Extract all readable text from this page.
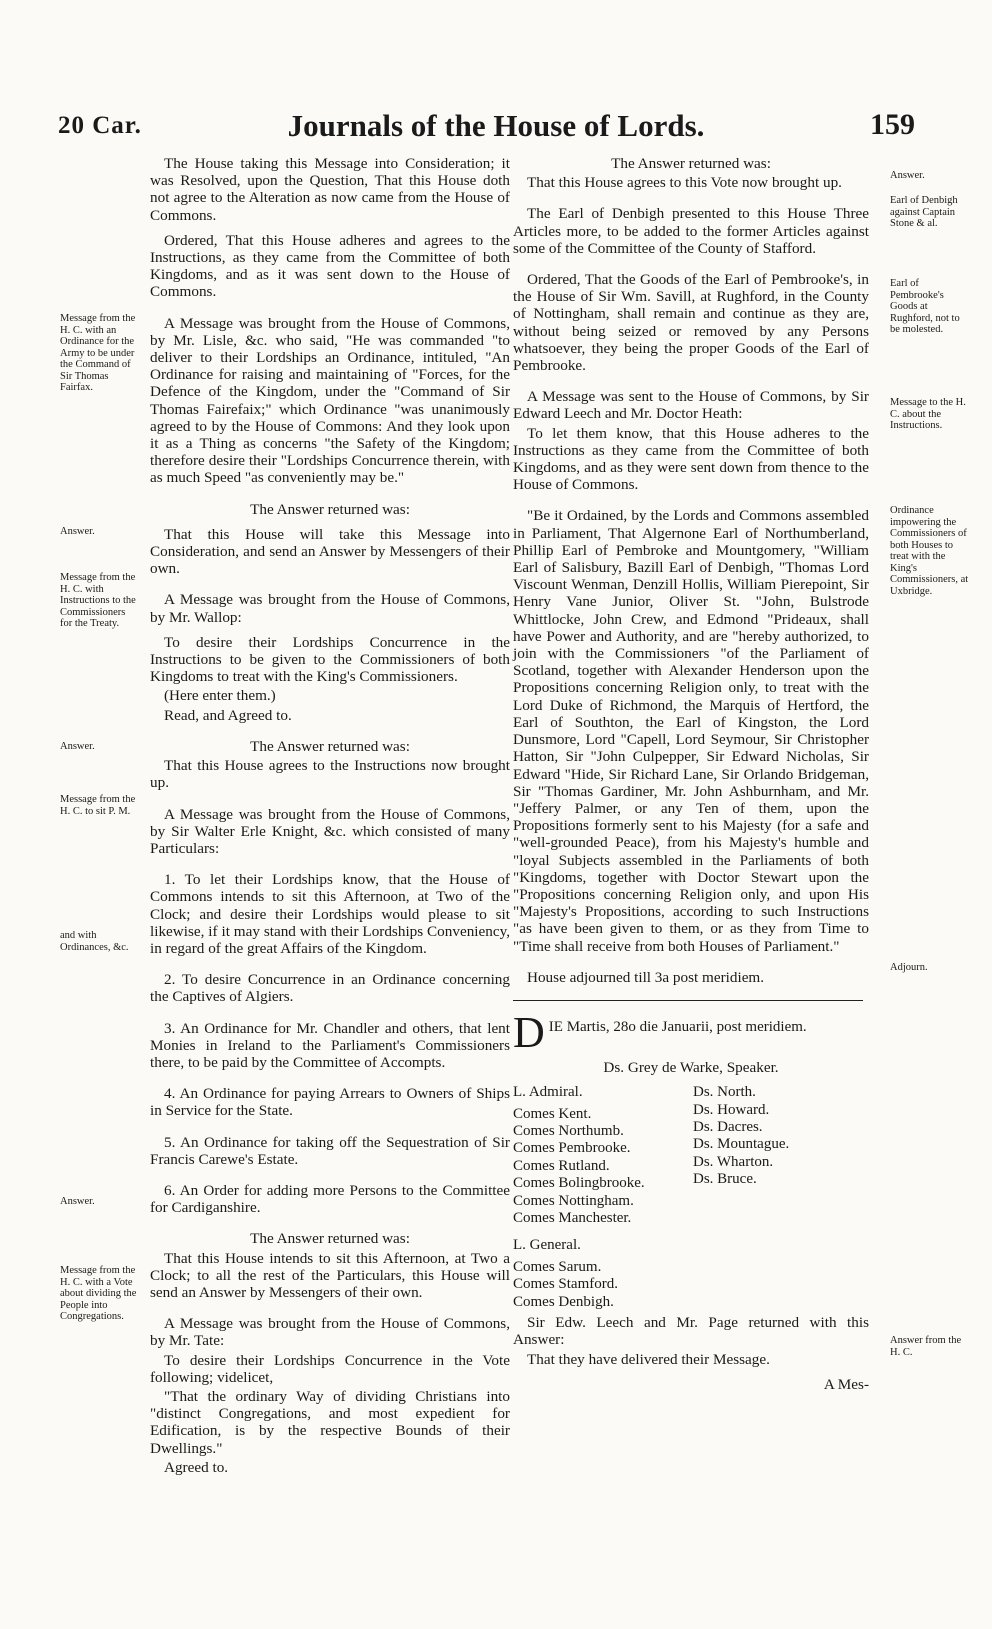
20 Car.	Journals of the House of Lords.	159
Message from the H. C. with an Ordinance for the Army to be under the Command of Sir Thomas Fairfax.
Answer.
Message from the H. C. with Instructions to the Commissioners for the Treaty.
Answer.
Message from the H. C. to sit P. M.
and with Ordinances, &c.
Answer.
Message from the H. C. with a Vote about dividing the People into Congregations.
Answer.
Earl of Denbigh against Captain Stone & al.
Earl of Pembrooke's Goods at Rughford, not to be molested.
Message to the H. C. about the Instructions.
Ordinance impowering the Commissioners of both Houses to treat with the King's Commissioners, at Uxbridge.
Adjourn.
Answer from the H. C.

The House taking this Message into Consideration; it was Resolved, upon the Question, That this House doth not agree to the Alteration as now came from the House of Commons.

Ordered, That this House adheres and agrees to the Instructions, as they came from the Committee of both Kingdoms, and as it was sent down to the House of Commons.

A Message was brought from the House of Commons, by Mr. Lisle, &c. who said, "He was commanded "to deliver to their Lordships an Ordinance, intituled, "An Ordinance for raising and maintaining of "Forces, for the Defence of the Kingdom, under the "Command of Sir Thomas Fairefaix;" which Ordinance "was unanimously agreed to by the House of Commons: And they look upon it as a Thing as concerns "the Safety of the Kingdom; therefore desire their "Lordships Concurrence therein, with as much Speed "as conveniently may be."

The Answer returned was:

That this House will take this Message into Consideration, and send an Answer by Messengers of their own.

A Message was brought from the House of Commons, by Mr. Wallop:

To desire their Lordships Concurrence in the Instructions to be given to the Commissioners of both Kingdoms to treat with the King's Commissioners.

(Here enter them.)

Read, and Agreed to.

The Answer returned was:

That this House agrees to the Instructions now brought up.

A Message was brought from the House of Commons, by Sir Walter Erle Knight, &c. which consisted of many Particulars:

1. To let their Lordships know, that the House of Commons intends to sit this Afternoon, at Two of the Clock; and desire their Lordships would please to sit likewise, if it may stand with their Lordships Conveniency, in regard of the great Affairs of the Kingdom.

2. To desire Concurrence in an Ordinance concerning the Captives of Algiers.

3. An Ordinance for Mr. Chandler and others, that lent Monies in Ireland to the Parliament's Commissioners there, to be paid by the Committee of Accompts.

4. An Ordinance for paying Arrears to Owners of Ships in Service for the State.

5. An Ordinance for taking off the Sequestration of Sir Francis Carewe's Estate.

6. An Order for adding more Persons to the Committee for Cardiganshire.

The Answer returned was:

That this House intends to sit this Afternoon, at Two a Clock; to all the rest of the Particulars, this House will send an Answer by Messengers of their own.

A Message was brought from the House of Commons, by Mr. Tate:

To desire their Lordships Concurrence in the Vote following; videlicet,

"That the ordinary Way of dividing Christians into "distinct Congregations, and most expedient for Edification, is by the respective Bounds of their Dwellings."

Agreed to.

The Answer returned was:

That this House agrees to this Vote now brought up.

The Earl of Denbigh presented to this House Three Articles more, to be added to the former Articles against some of the Committee of the County of Stafford.

Ordered, That the Goods of the Earl of Pembrooke's, in the House of Sir Wm. Savill, at Rughford, in the County of Nottingham, shall remain and continue as they are, without being seized or removed by any Persons whatsoever, they being the proper Goods of the Earl of Pembrooke.

A Message was sent to the House of Commons, by Sir Edward Leech and Mr. Doctor Heath:

To let them know, that this House adheres to the Instructions as they came from the Committee of both Kingdoms, and as they were sent down from thence to the House of Commons.

"Be it Ordained, by the Lords and Commons assembled in Parliament, That Algernone Earl of Northumberland, Phillip Earl of Pembroke and Mountgomery, "William Earl of Salisbury, Bazill Earl of Denbigh, "Thomas Lord Viscount Wenman, Denzill Hollis, William Pierepoint, Sir Henry Vane Junior, Oliver St. "John, Bulstrode Whittlocke, John Crew, and Edmond "Prideaux, shall have Power and Authority, and are "hereby authorized, to join with the Commissioners "of the Parliament of Scotland, together with Alexander Henderson upon the Propositions concerning Religion only, to treat with the Lord Duke of Richmond, the Marquis of Hertford, the Earl of Southton, the Earl of Kingston, the Lord Dunsmore, Lord "Capell, Lord Seymour, Sir Christopher Hatton, Sir "John Culpepper, Sir Edward Nicholas, Sir Edward "Hide, Sir Richard Lane, Sir Orlando Bridgeman, Sir "Thomas Gardiner, Mr. John Ashburnham, and Mr. "Jeffery Palmer, or any Ten of them, upon the Propositions formerly sent to his Majesty (for a safe and "well-grounded Peace), from his Majesty's humble and "loyal Subjects assembled in the Parliaments of both "Kingdoms, together with Doctor Stewart upon the "Propositions concerning Religion only, and upon His "Majesty's Propositions, according to such Instructions "as have been given to them, or as they from Time to "Time shall receive from both Houses of Parliament."

House adjourned till 3a post meridiem.

D IE Martis, 28o die Januarii, post meridiem.

Ds. Grey de Warke, Speaker.

L. Admiral.

Comes Kent.

Comes Northumb.

Comes Pembrooke.

Comes Rutland.

Comes Bolingbrooke.

Comes Nottingham.

Comes Manchester.

L. General.

Comes Sarum.

Comes Stamford.

Comes Denbigh.

Ds. North.

Ds. Howard.

Ds. Dacres.

Ds. Mountague.

Ds. Wharton.

Ds. Bruce.

Sir Edw. Leech and Mr. Page returned with this Answer:

That they have delivered their Message.

A Mes-
